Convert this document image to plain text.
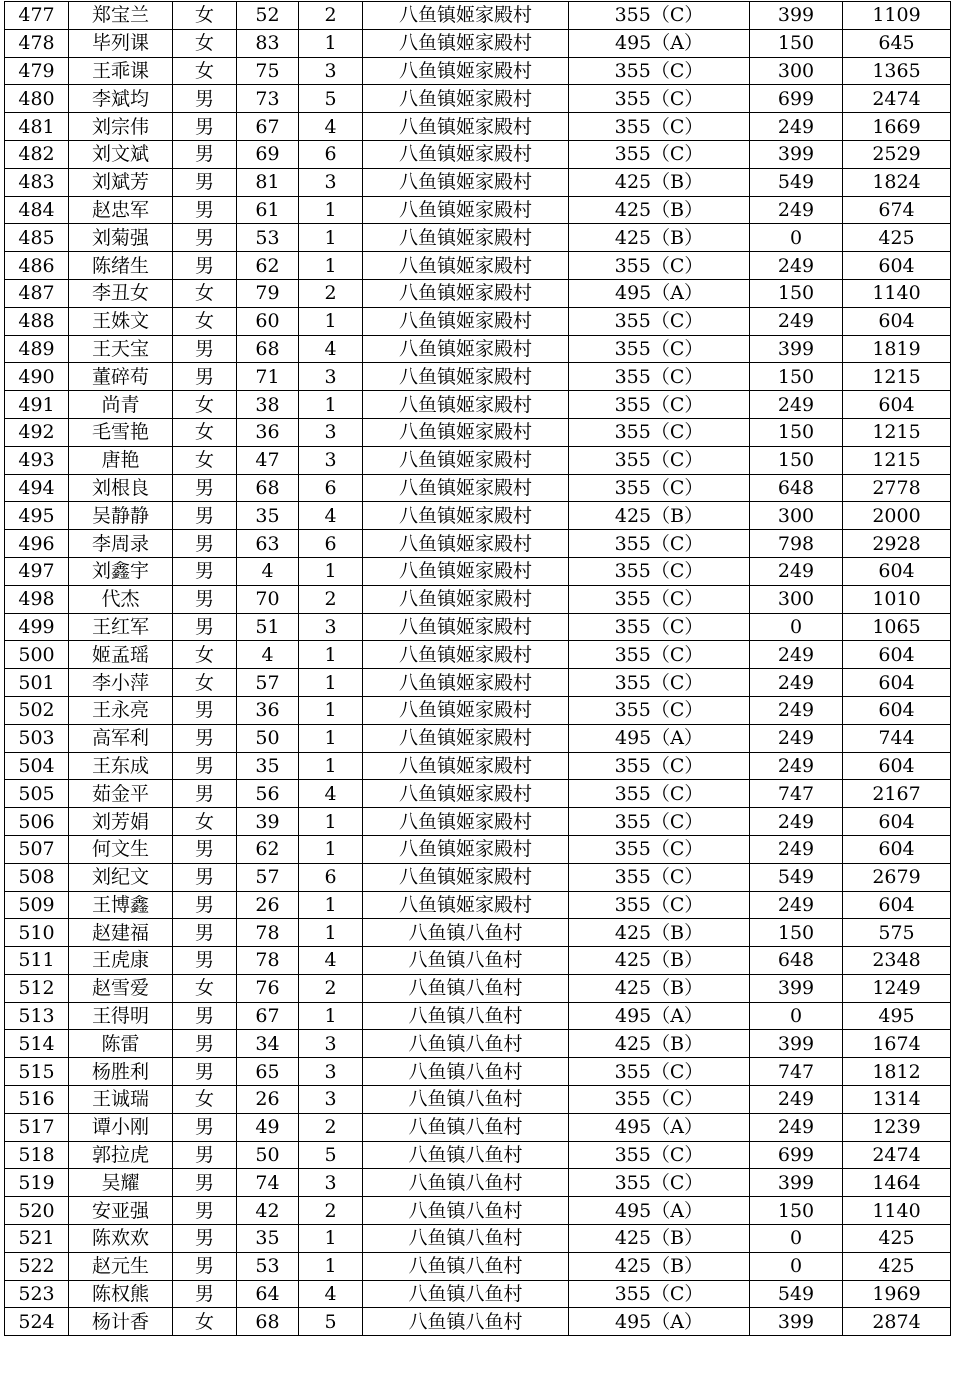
477	郑宝兰	女	52	2	八鱼镇姬家殿村	355（C）	399	1109
478	毕列课	女	83	1	八鱼镇姬家殿村	495（A）	150	645
479	王乖课	女	75	3	八鱼镇姬家殿村	355（C）	300	1365
480	李斌均	男	73	5	八鱼镇姬家殿村	355（C）	699	2474
481	刘宗伟	男	67	4	八鱼镇姬家殿村	355（C）	249	1669
482	刘文斌	男	69	6	八鱼镇姬家殿村	355（C）	399	2529
483	刘斌芳	男	81	3	八鱼镇姬家殿村	425（B）	549	1824
484	赵忠军	男	61	1	八鱼镇姬家殿村	425（B）	249	674
485	刘菊强	男	53	1	八鱼镇姬家殿村	425（B）	0	425
486	陈绪生	男	62	1	八鱼镇姬家殿村	355（C）	249	604
487	李丑女	女	79	2	八鱼镇姬家殿村	495（A）	150	1140
488	王姝文	女	60	1	八鱼镇姬家殿村	355（C）	249	604
489	王天宝	男	68	4	八鱼镇姬家殿村	355（C）	399	1819
490	董碎苟	男	71	3	八鱼镇姬家殿村	355（C）	150	1215
491	尚青	女	38	1	八鱼镇姬家殿村	355（C）	249	604
492	毛雪艳	女	36	3	八鱼镇姬家殿村	355（C）	150	1215
493	唐艳	女	47	3	八鱼镇姬家殿村	355（C）	150	1215
494	刘根良	男	68	6	八鱼镇姬家殿村	355（C）	648	2778
495	吴静静	男	35	4	八鱼镇姬家殿村	425（B）	300	2000
496	李周录	男	63	6	八鱼镇姬家殿村	355（C）	798	2928
497	刘鑫宇	男	4	1	八鱼镇姬家殿村	355（C）	249	604
498	代杰	男	70	2	八鱼镇姬家殿村	355（C）	300	1010
499	王红军	男	51	3	八鱼镇姬家殿村	355（C）	0	1065
500	姬孟瑶	女	4	1	八鱼镇姬家殿村	355（C）	249	604
501	李小萍	女	57	1	八鱼镇姬家殿村	355（C）	249	604
502	王永亮	男	36	1	八鱼镇姬家殿村	355（C）	249	604
503	高军利	男	50	1	八鱼镇姬家殿村	495（A）	249	744
504	王东成	男	35	1	八鱼镇姬家殿村	355（C）	249	604
505	茹金平	男	56	4	八鱼镇姬家殿村	355（C）	747	2167
506	刘芳娟	女	39	1	八鱼镇姬家殿村	355（C）	249	604
507	何文生	男	62	1	八鱼镇姬家殿村	355（C）	249	604
508	刘纪文	男	57	6	八鱼镇姬家殿村	355（C）	549	2679
509	王博鑫	男	26	1	八鱼镇姬家殿村	355（C）	249	604
510	赵建福	男	78	1	八鱼镇八鱼村	425（B）	150	575
511	王虎康	男	78	4	八鱼镇八鱼村	425（B）	648	2348
512	赵雪爱	女	76	2	八鱼镇八鱼村	425（B）	399	1249
513	王得明	男	67	1	八鱼镇八鱼村	495（A）	0	495
514	陈雷	男	34	3	八鱼镇八鱼村	425（B）	399	1674
515	杨胜利	男	65	3	八鱼镇八鱼村	355（C）	747	1812
516	王诚瑞	女	26	3	八鱼镇八鱼村	355（C）	249	1314
517	谭小刚	男	49	2	八鱼镇八鱼村	495（A）	249	1239
518	郭拉虎	男	50	5	八鱼镇八鱼村	355（C）	699	2474
519	吴耀	男	74	3	八鱼镇八鱼村	355（C）	399	1464
520	安亚强	男	42	2	八鱼镇八鱼村	495（A）	150	1140
521	陈欢欢	男	35	1	八鱼镇八鱼村	425（B）	0	425
522	赵元生	男	53	1	八鱼镇八鱼村	425（B）	0	425
523	陈权熊	男	64	4	八鱼镇八鱼村	355（C）	549	1969
524	杨计香	女	68	5	八鱼镇八鱼村	495（A）	399	2874
